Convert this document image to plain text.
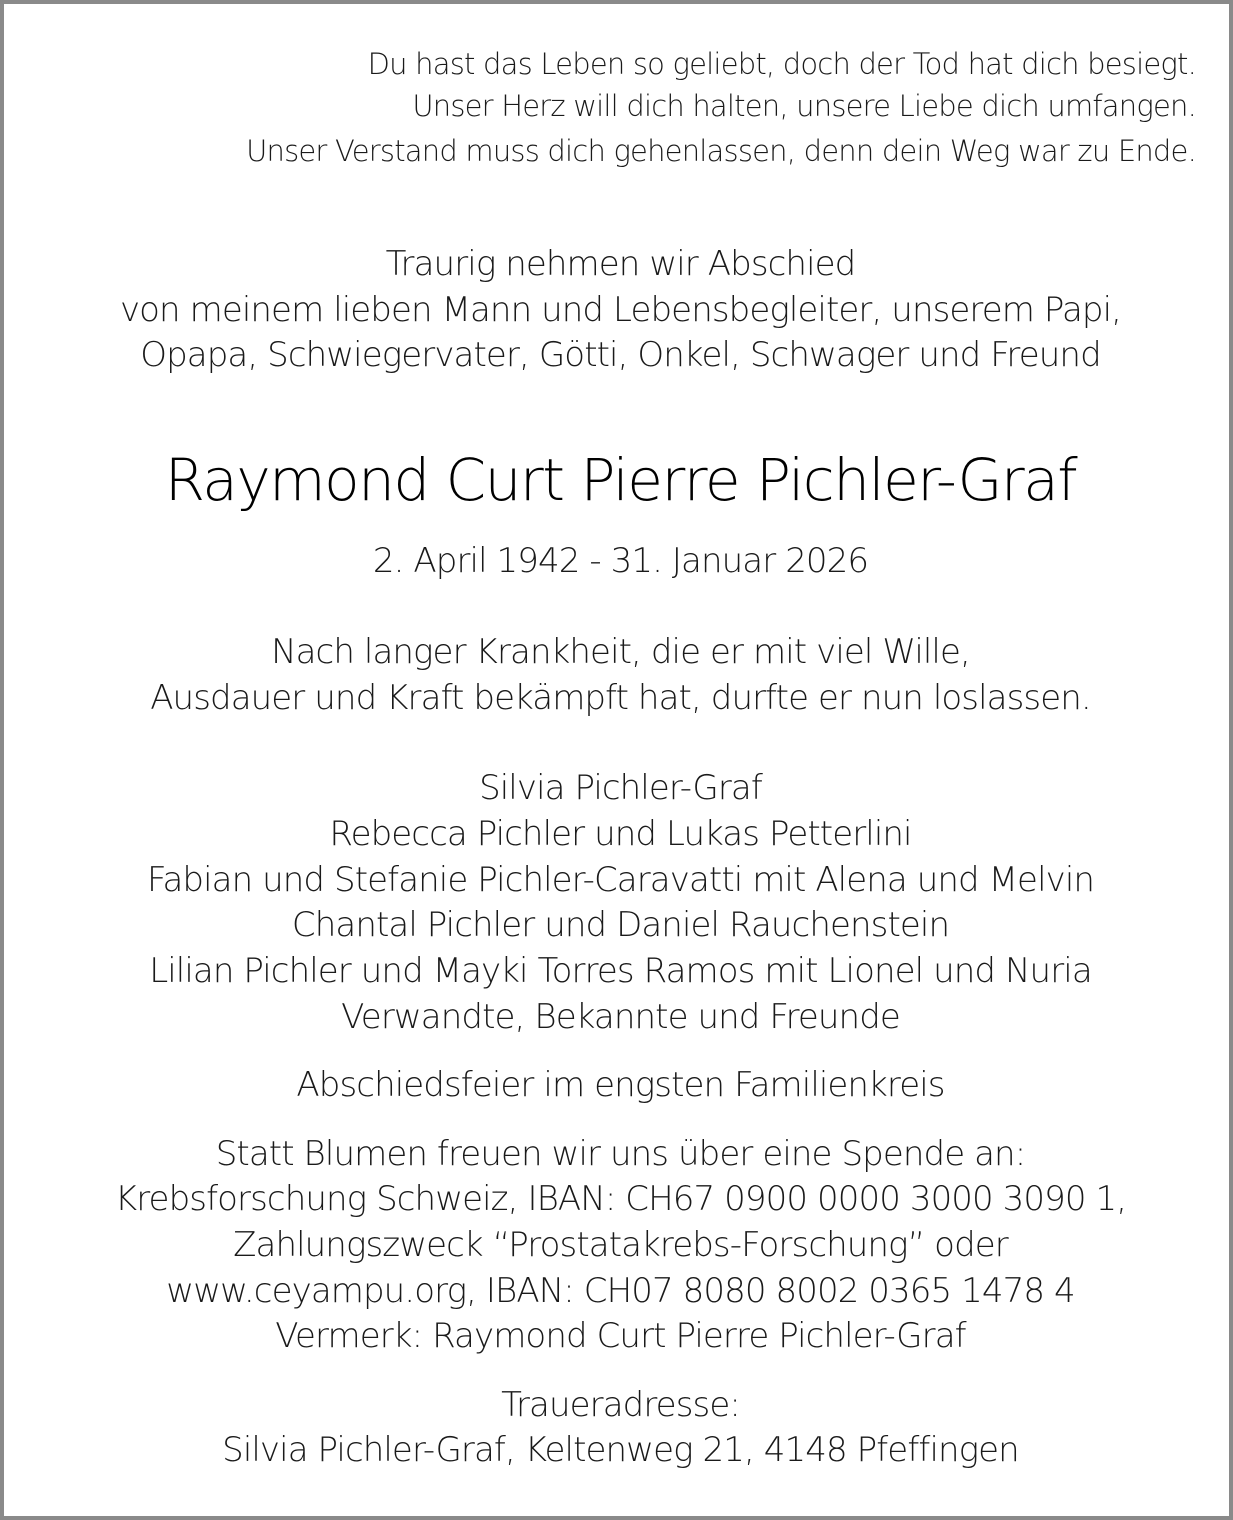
Du hast das Leben so geliebt, doch der Tod hat dich besiegt.
Unser Herz will dich halten, unsere Liebe dich umfangen.
Unser Verstand muss dich gehenlassen, denn dein Weg war zu Ende.
Traurig nehmen wir Abschied
von meinem lieben Mann und Lebensbegleiter, unserem Papi,
Opapa, Schwiegervater, Götti, Onkel, Schwager und Freund
Raymond Curt Pierre Pichler-Graf
2. April 1942 - 31. Januar 2026
Nach langer Krankheit, die er mit viel Wille,
Ausdauer und Kraft bekämpft hat, durfte er nun loslassen.
Silvia Pichler-Graf
Rebecca Pichler und Lukas Petterlini
Fabian und Stefanie Pichler-Caravatti mit Alena und Melvin
Chantal Pichler und Daniel Rauchenstein
Lilian Pichler und Mayki Torres Ramos mit Lionel und Nuria
Verwandte, Bekannte und Freunde
Abschiedsfeier im engsten Familienkreis
Statt Blumen freuen wir uns über eine Spende an:
Krebsforschung Schweiz, IBAN: CH67 0900 0000 3000 3090 1,
Zahlungszweck “Prostatakrebs-Forschung” oder
www.ceyampu.org, IBAN: CH07 8080 8002 0365 1478 4
Vermerk: Raymond Curt Pierre Pichler-Graf
Traueradresse:
Silvia Pichler-Graf, Keltenweg 21, 4148 Pfeffingen
